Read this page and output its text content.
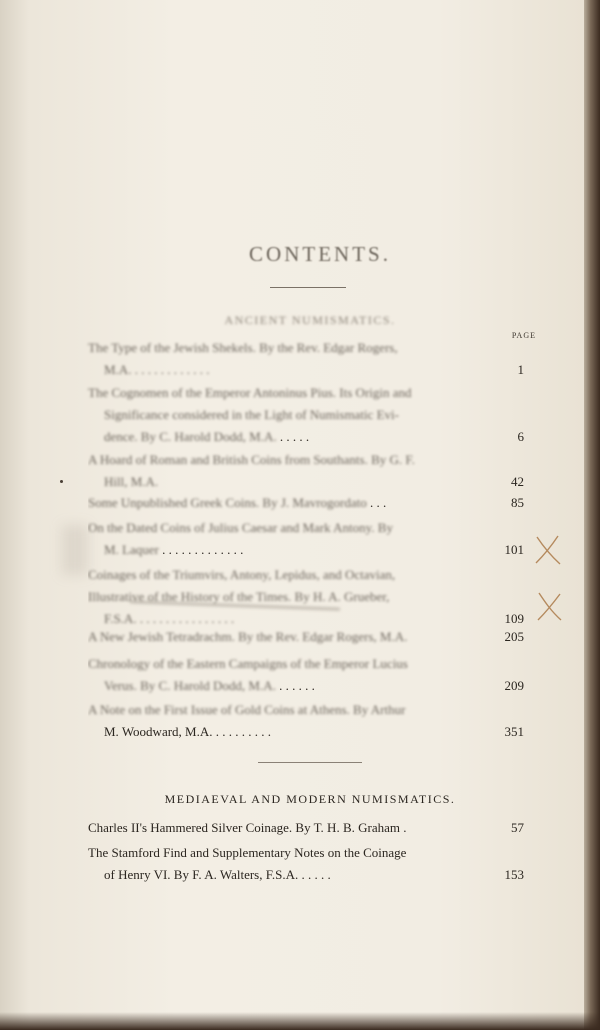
CONTENTS.
ANCIENT NUMISMATICS.
PAGE
The Type of the Jewish Shekels. By the Rev. Edgar Rogers,
M.A. . . . . . . . . . . . .	1
The Cognomen of the Emperor Antoninus Pius. Its Origin and
Significance considered in the Light of Numismatic Evi-
dence. By C. Harold Dodd, M.A. . . . . .	6
A Hoard of Roman and British Coins from Southants. By G. F.
Hill, M.A.	42
Some Unpublished Greek Coins. By J. Mavrogordato . . .	85
On the Dated Coins of Julius Caesar and Mark Antony. By
M. Laquer . . . . . . . . . . . . .	101
Coinages of the Triumvirs, Antony, Lepidus, and Octavian,
Illustrative of the History of the Times. By H. A. Grueber,
F.S.A. . . . . . . . . . . . . . . .	109
A New Jewish Tetradrachm. By the Rev. Edgar Rogers, M.A.	205
Chronology of the Eastern Campaigns of the Emperor Lucius
Verus. By C. Harold Dodd, M.A. . . . . . .	209
A Note on the First Issue of Gold Coins at Athens. By Arthur
M. Woodward, M.A. . . . . . . . . .	351
MEDIAEVAL AND MODERN NUMISMATICS.
Charles II's Hammered Silver Coinage. By T. H. B. Graham .	57
The Stamford Find and Supplementary Notes on the Coinage
of Henry VI. By F. A. Walters, F.S.A. . . . . .	153
